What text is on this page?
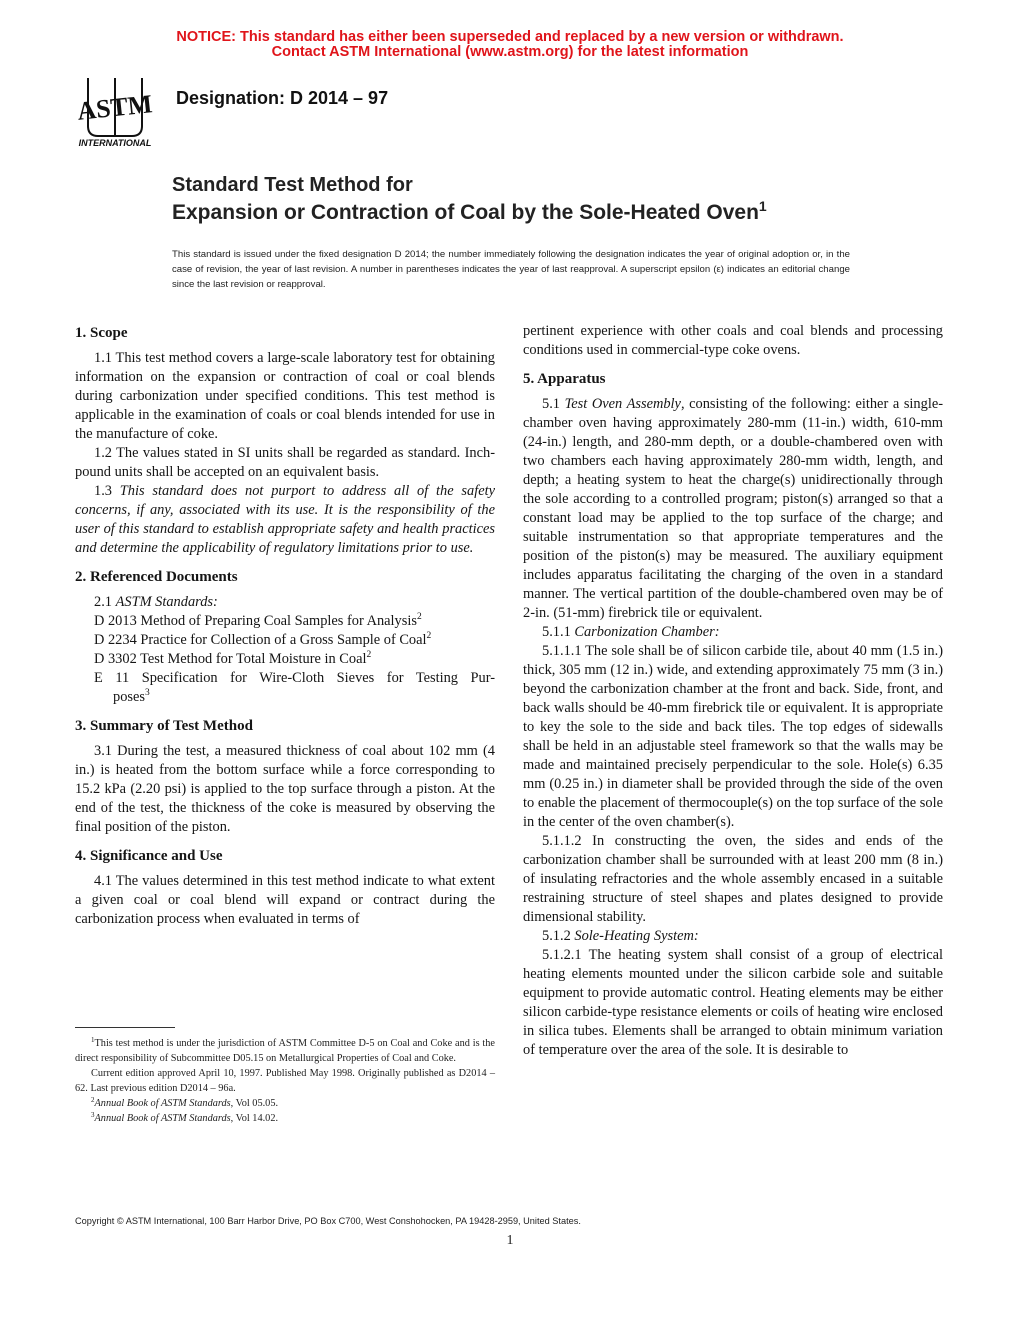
NOTICE: This standard has either been superseded and replaced by a new version or withdrawn.
Contact ASTM International (www.astm.org) for the latest information
ASTM
INTERNATIONAL
Designation: D 2014 – 97
Standard Test Method for
Expansion or Contraction of Coal by the Sole-Heated Oven$^1$
This standard is issued under the fixed designation D 2014; the number immediately following the designation indicates the year of original adoption or, in the case of revision, the year of last revision. A number in parentheses indicates the year of last reapproval. A superscript epsilon (ε) indicates an editorial change since the last revision or reapproval.
1. Scope

1.1 This test method covers a large-scale laboratory test for obtaining information on the expansion or contraction of coal or coal blends during carbonization under specified conditions. This test method is applicable in the examination of coals or coal blends intended for use in the manufacture of coke.

1.2 The values stated in SI units shall be regarded as standard. Inch-pound units shall be accepted on an equivalent basis.

1.3 This standard does not purport to address all of the safety concerns, if any, associated with its use. It is the responsibility of the user of this standard to establish appropriate safety and health practices and determine the applicability of regulatory limitations prior to use.

2. Referenced Documents

2.1 ASTM Standards:

D 2013 Method of Preparing Coal Samples for Analysis$^2$
D 2234 Practice for Collection of a Gross Sample of Coal$^2$
D 3302 Test Method for Total Moisture in Coal$^2$
E 11 Specification for Wire-Cloth Sieves for Testing Pur-
poses$^3$
3. Summary of Test Method

3.1 During the test, a measured thickness of coal about 102 mm (4 in.) is heated from the bottom surface while a force corresponding to 15.2 kPa (2.20 psi) is applied to the top surface through a piston. At the end of the test, the thickness of the coke is measured by observing the final position of the piston.

4. Significance and Use

4.1 The values determined in this test method indicate to what extent a given coal or coal blend will expand or contract during the carbonization process when evaluated in terms of

$^1$This test method is under the jurisdiction of ASTM Committee D-5 on Coal and Coke and is the direct responsibility of Subcommittee D05.15 on Metallurgical Properties of Coal and Coke.

Current edition approved April 10, 1997. Published May 1998. Originally published as D2014 – 62. Last previous edition D2014 – 96a.

$^2$Annual Book of ASTM Standards, Vol 05.05.

$^3$Annual Book of ASTM Standards, Vol 14.02.

pertinent experience with other coals and coal blends and processing conditions used in commercial-type coke ovens.

5. Apparatus

5.1 Test Oven Assembly, consisting of the following: either a single-chamber oven having approximately 280-mm (11-in.) width, 610-mm (24-in.) length, and 280-mm depth, or a double-chambered oven with two chambers each having approximately 280-mm width, length, and depth; a heating system to heat the charge(s) unidirectionally through the sole according to a controlled program; piston(s) arranged so that a constant load may be applied to the top surface of the charge; and suitable instrumentation so that appropriate temperatures and the position of the piston(s) may be measured. The auxiliary equipment includes apparatus facilitating the charging of the oven in a standard manner. The vertical partition of the double-chambered oven may be of 2-in. (51-mm) firebrick tile or equivalent.

5.1.1 Carbonization Chamber:

5.1.1.1 The sole shall be of silicon carbide tile, about 40 mm (1.5 in.) thick, 305 mm (12 in.) wide, and extending approximately 75 mm (3 in.) beyond the carbonization chamber at the front and back. Side, front, and back walls should be 40-mm firebrick tile or equivalent. It is appropriate to key the sole to the side and back tiles. The top edges of sidewalls shall be held in an adjustable steel framework so that the walls may be made and maintained precisely perpendicular to the sole. Hole(s) 6.35 mm (0.25 in.) in diameter shall be provided through the side of the oven to enable the placement of thermocouple(s) on the top surface of the sole in the center of the oven chamber(s).

5.1.1.2 In constructing the oven, the sides and ends of the carbonization chamber shall be surrounded with at least 200 mm (8 in.) of insulating refractories and the whole assembly encased in a suitable restraining structure of steel shapes and plates designed to provide dimensional stability.

5.1.2 Sole-Heating System:

5.1.2.1 The heating system shall consist of a group of electrical heating elements mounted under the silicon carbide sole and suitable equipment to provide automatic control. Heating elements may be either silicon carbide-type resistance elements or coils of heating wire enclosed in silica tubes. Elements shall be arranged to obtain minimum variation of temperature over the area of the sole. It is desirable to

Copyright © ASTM International, 100 Barr Harbor Drive, PO Box C700, West Conshohocken, PA 19428-2959, United States.
1
